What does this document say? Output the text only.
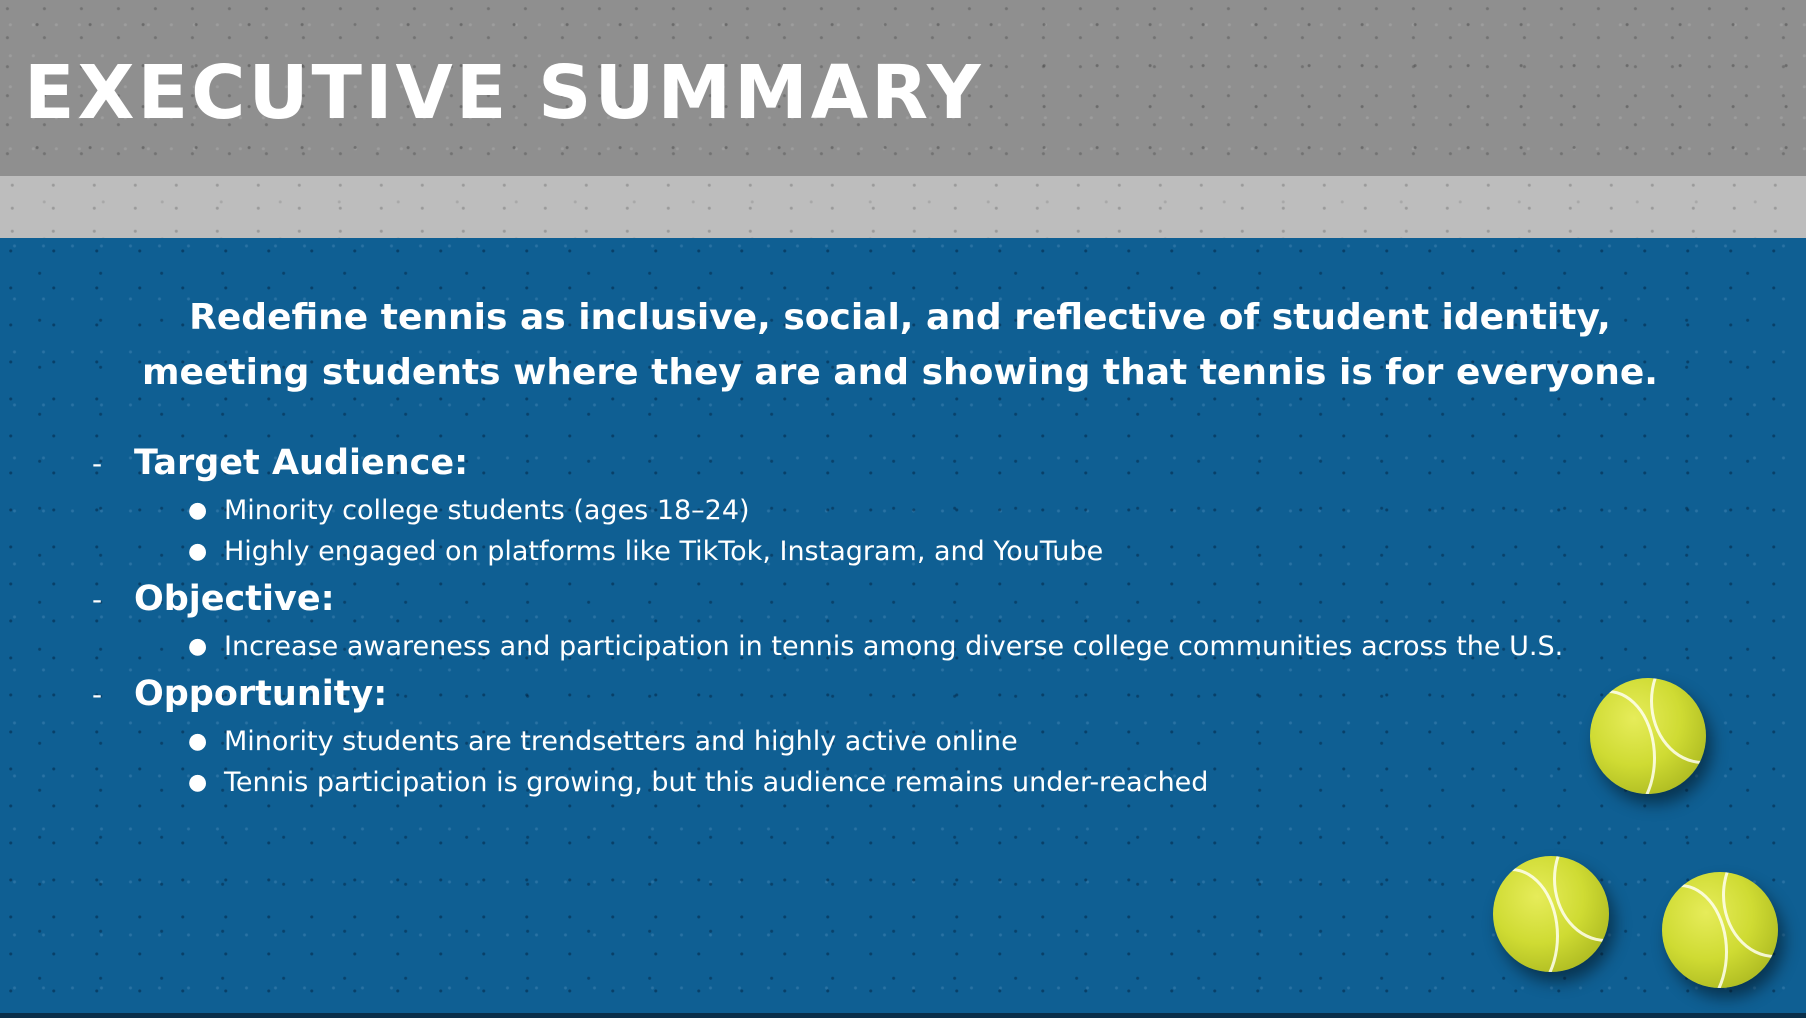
EXECUTIVE SUMMARY

Redefine tennis as inclusive, social, and reflective of student identity,
meeting students where they are and showing that tennis is for everyone.

- Target Audience:
● Minority college students (ages 18–24)
● Highly engaged on platforms like TikTok, Instagram, and YouTube
- Objective:
● Increase awareness and participation in tennis among diverse college communities across the U.S.
- Opportunity:
● Minority students are trendsetters and highly active online
● Tennis participation is growing, but this audience remains under-reached
